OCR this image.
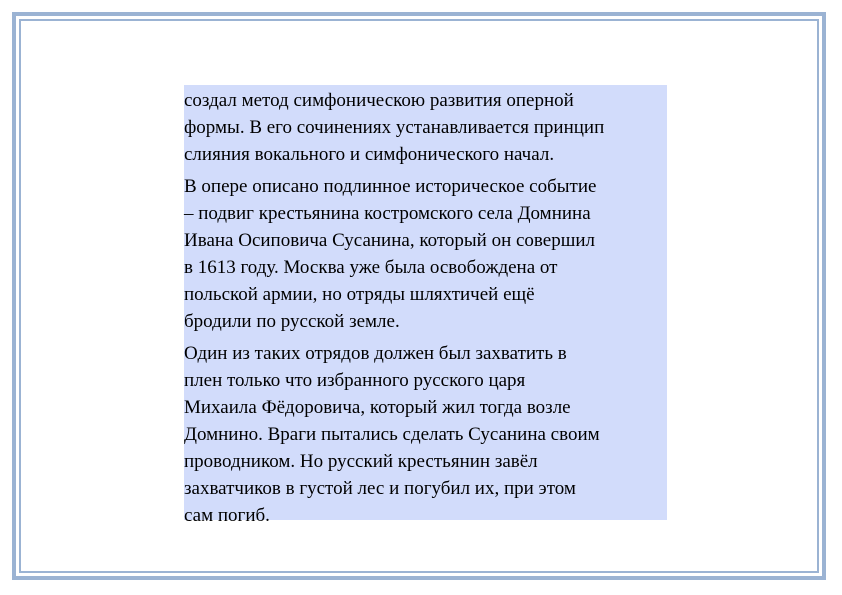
создал метод симфоническою развития оперной
формы. В его сочинениях устанавливается принцип
слияния вокального и симфонического начал.
В опере описано подлинное историческое событие
– подвиг крестьянина костромского села Домнина
Ивана Осиповича Сусанина, который он совершил
в 1613 году. Москва уже была освобождена от
польской армии, но отряды шляхтичей ещё
бродили по русской земле.
Один из таких отрядов должен был захватить в
плен только что избранного русского царя
Михаила Фёдоровича, который жил тогда возле
Домнино. Враги пытались сделать Сусанина своим
проводником. Но русский крестьянин завёл
захватчиков в густой лес и погубил их, при этом
сам погиб.
